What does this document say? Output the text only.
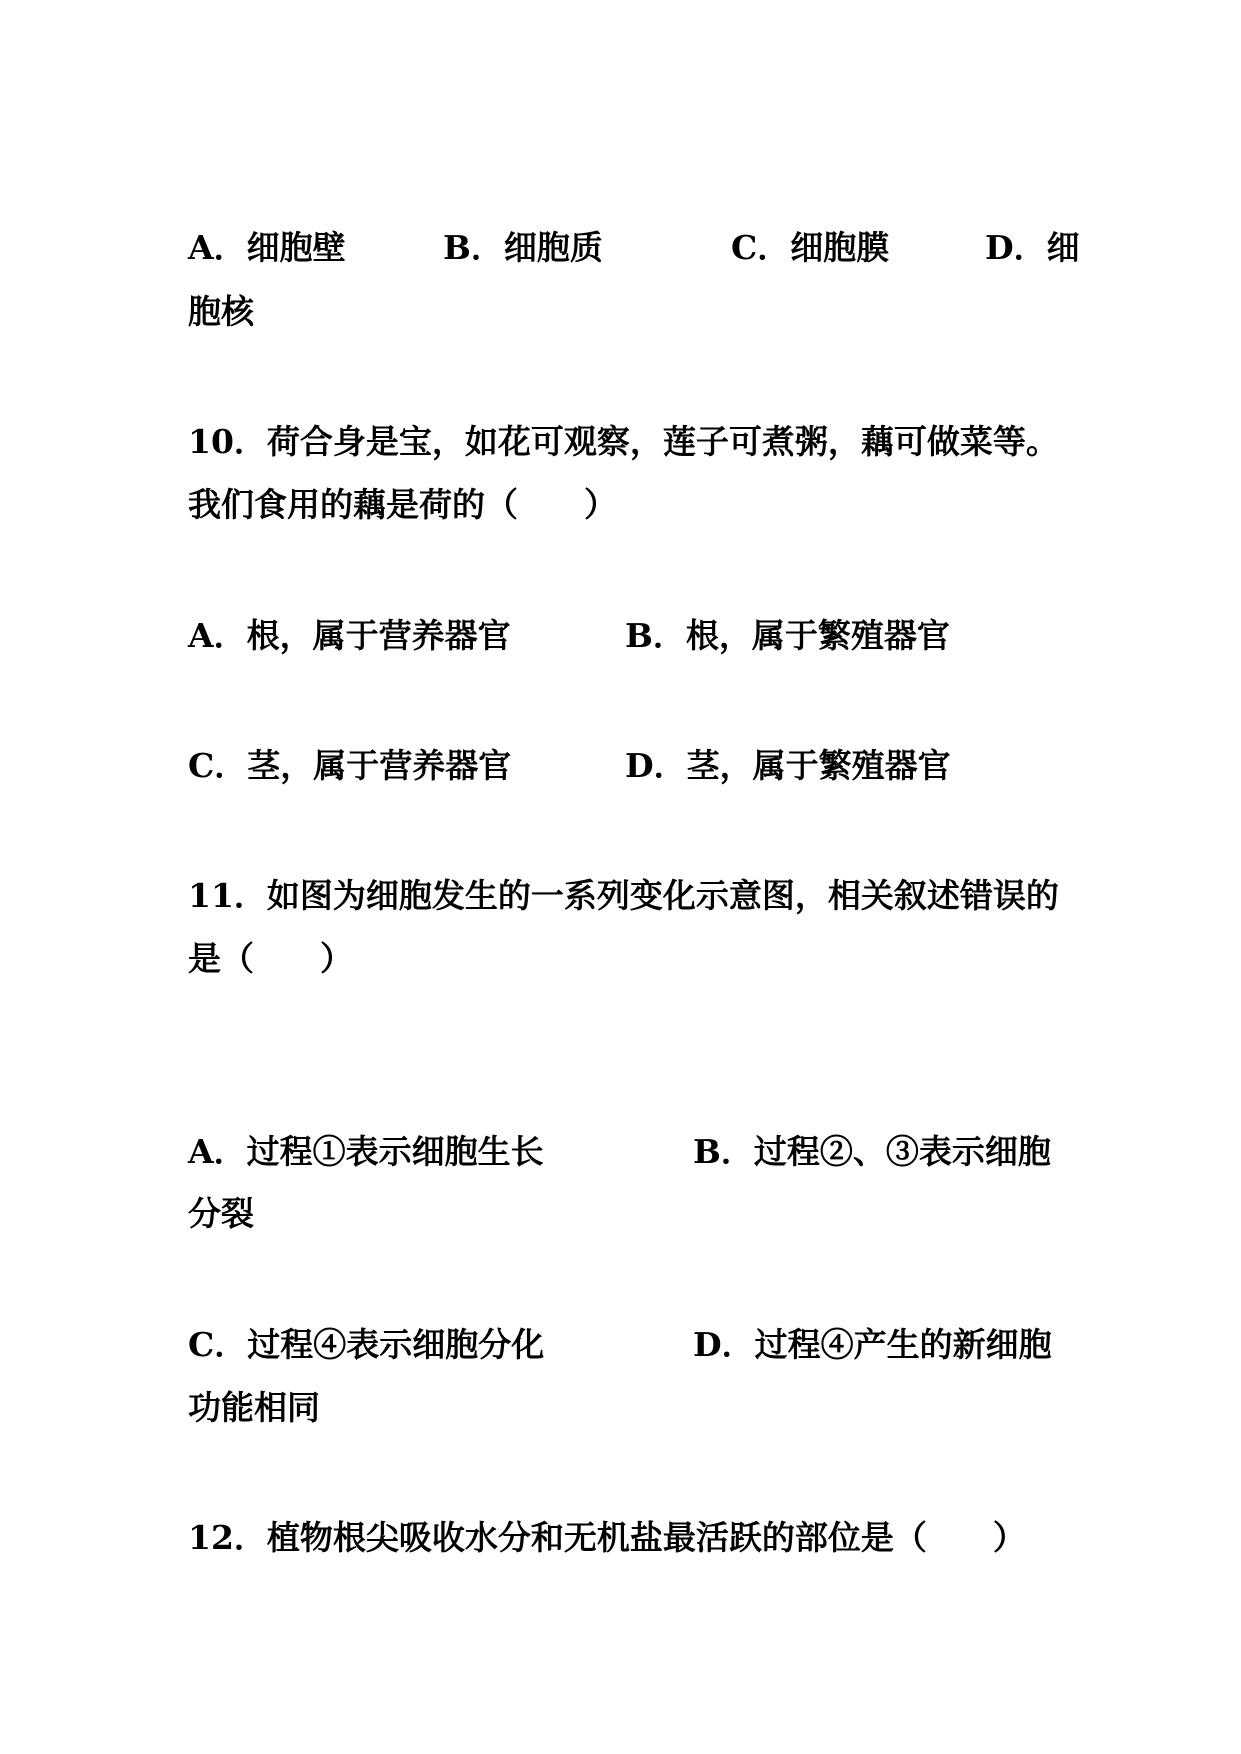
A．细胞壁	B．细胞质	C．细胞膜	D．细
胞核
10．荷合身是宝，如花可观察，莲子可煮粥，藕可做菜等。
我们食用的藕是荷的（　　）
A．根，属于营养器官	B．根，属于繁殖器官
C．茎，属于营养器官	D．茎，属于繁殖器官
11．如图为细胞发生的一系列变化示意图，相关叙述错误的
是（　　）
A．过程①表示细胞生长	B．过程②、③表示细胞
分裂
C．过程④表示细胞分化	D．过程④产生的新细胞
功能相同
12．植物根尖吸收水分和无机盐最活跃的部位是（　　）
